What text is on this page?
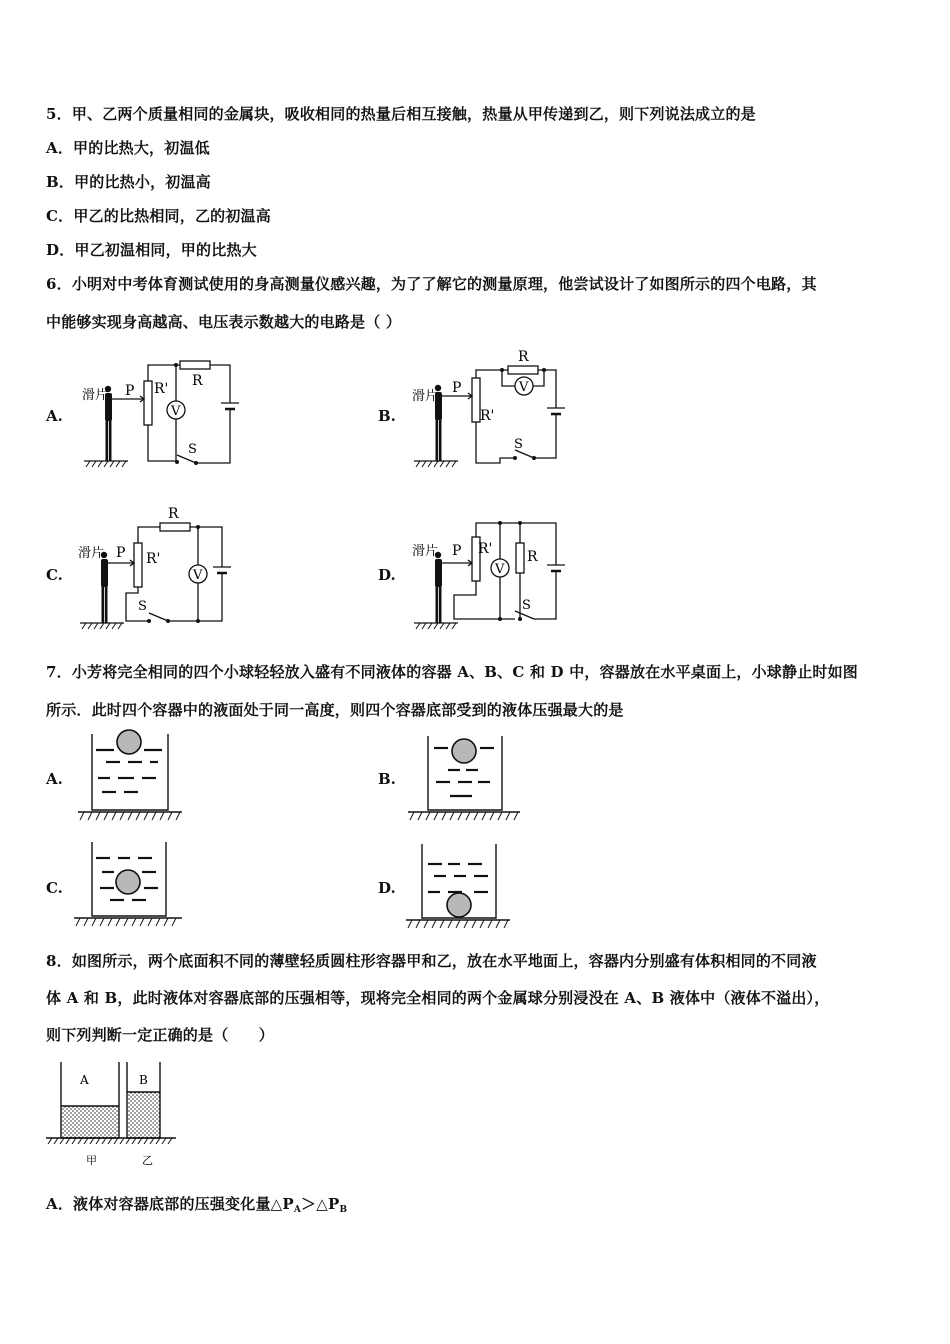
5．甲、乙两个质量相同的金属块，吸收相同的热量后相互接触，热量从甲传递到乙，则下列说法成立的是
A．甲的比热大，初温低
B．甲的比热小，初温高
C．甲乙的比热相同，乙的初温高
D．甲乙初温相同，甲的比热大
6．小明对中考体育测试使用的身高测量仪感兴趣，为了了解它的测量原理，他尝试设计了如图所示的四个电路，其
中能够实现身高越高、电压表示数越大的电路是（ ）
A.	B.
C.	D.
滑片 P R' R
V
S
滑片
P
R'
R
V
S
滑片 P R'
R
V
S
滑片 P R' R
V
S
7．小芳将完全相同的四个小球轻轻放入盛有不同液体的容器 A、B、C 和 D 中，容器放在水平桌面上，小球静止时如图
所示．此时四个容器中的液面处于同一高度，则四个容器底部受到的液体压强最大的是
A.	B.
C.	D.
8．如图所示，两个底面积不同的薄壁轻质圆柱形容器甲和乙，放在水平地面上，容器内分别盛有体积相同的不同液
体 A 和 B，此时液体对容器底部的压强相等，现将完全相同的两个金属球分别浸没在 A、B 液体中（液体不溢出），
则下列判断一定正确的是（　　）
A	B
甲	乙
A．液体对容器底部的压强变化量$\triangle P_A>\triangle P_B$
